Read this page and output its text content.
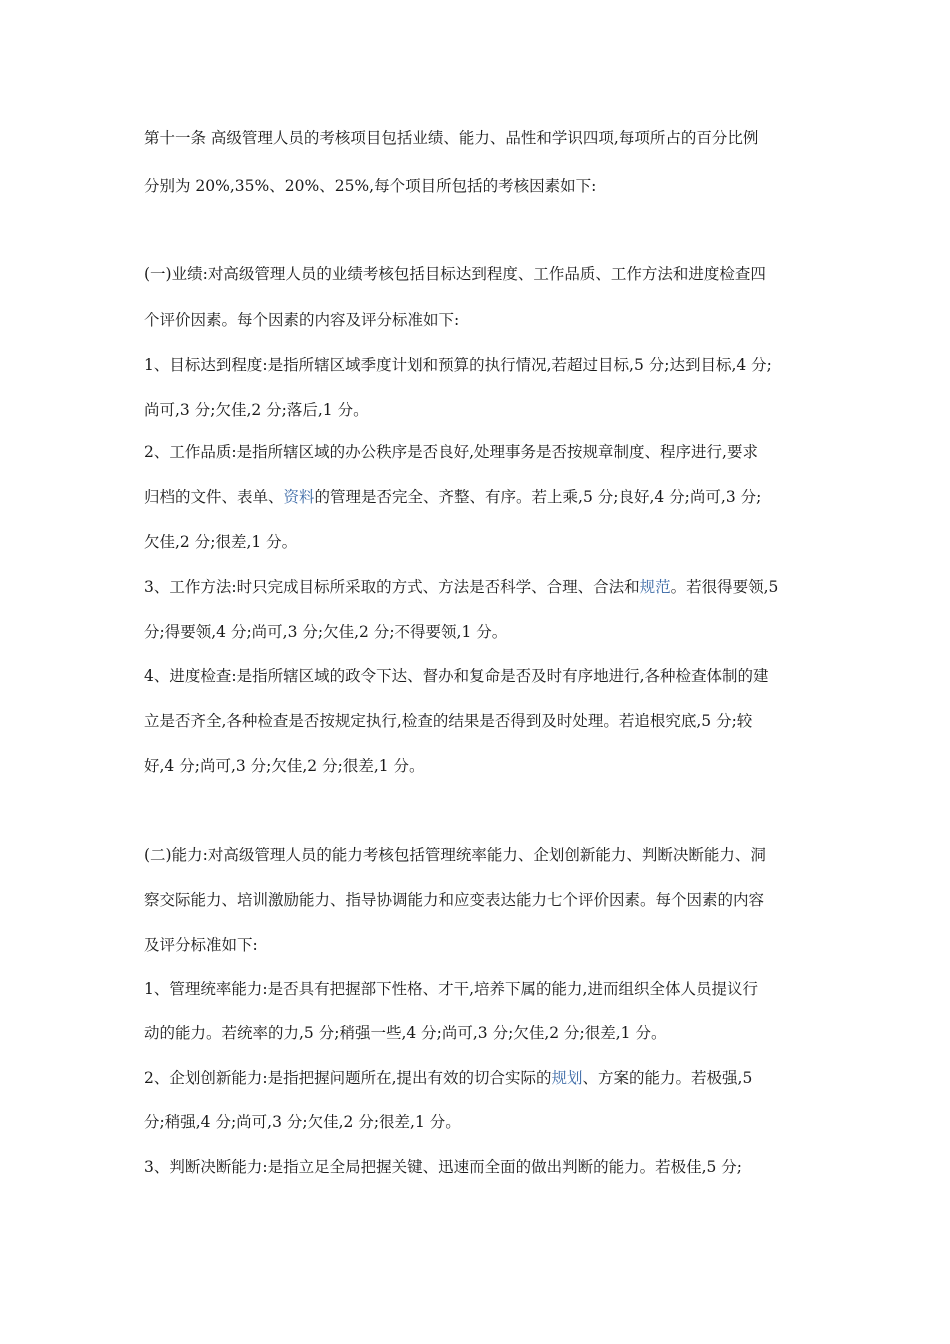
第十一条 高级管理人员的考核项目包括业绩、能力、品性和学识四项,每项所占的百分比例
分别为 20%,35%、20%、25%,每个项目所包括的考核因素如下:
(一)业绩:对高级管理人员的业绩考核包括目标达到程度、工作品质、工作方法和进度检查四
个评价因素。每个因素的内容及评分标准如下:
1、目标达到程度:是指所辖区域季度计划和预算的执行情况,若超过目标,5 分;达到目标,4 分;
尚可,3 分;欠佳,2 分;落后,1 分。
2、工作品质:是指所辖区域的办公秩序是否良好,处理事务是否按规章制度、程序进行,要求
归档的文件、表单、资料的管理是否完全、齐整、有序。若上乘,5 分;良好,4 分;尚可,3 分;
欠佳,2 分;很差,1 分。
3、工作方法:时只完成目标所采取的方式、方法是否科学、合理、合法和规范。若很得要领,5
分;得要领,4 分;尚可,3 分;欠佳,2 分;不得要领,1 分。
4、进度检查:是指所辖区域的政令下达、督办和复命是否及时有序地进行,各种检查体制的建
立是否齐全,各种检查是否按规定执行,检查的结果是否得到及时处理。若追根究底,5 分;较
好,4 分;尚可,3 分;欠佳,2 分;很差,1 分。
(二)能力:对高级管理人员的能力考核包括管理统率能力、企划创新能力、判断决断能力、洞
察交际能力、培训激励能力、指导协调能力和应变表达能力七个评价因素。每个因素的内容
及评分标准如下:
1、管理统率能力:是否具有把握部下性格、才干,培养下属的能力,进而组织全体人员提议行
动的能力。若统率的力,5 分;稍强一些,4 分;尚可,3 分;欠佳,2 分;很差,1 分。
2、企划创新能力:是指把握问题所在,提出有效的切合实际的规划、方案的能力。若极强,5
分;稍强,4 分;尚可,3 分;欠佳,2 分;很差,1 分。
3、判断决断能力:是指立足全局把握关键、迅速而全面的做出判断的能力。若极佳,5 分;
